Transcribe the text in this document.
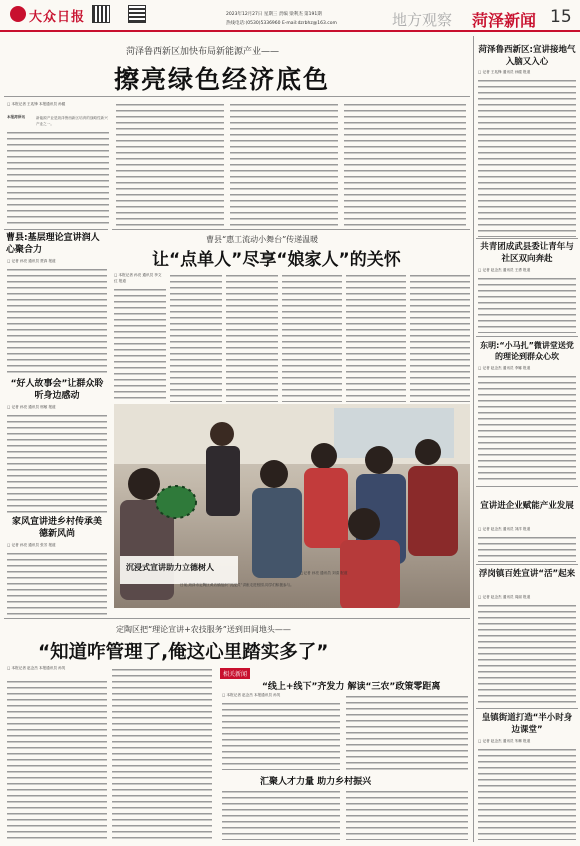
大众日报	2023年12月27日 星期三 责编 梁利杰 第191期
热线电话:(0530)5336960 E-mail:dzrbhz@163.com	地方观察 菏泽新闻 15
菏泽鲁西新区加快布局新能源产业——
擦亮绿色经济底色
□ 本报记者 王兆锋 本报通讯员 孙健
本报菏泽讯	新能源产业是菏泽鲁西新区培育的战略性新兴产业之一。
曹县:基层理论宣讲润人心聚合力
□ 记者 孙亮 通讯员 贾真 报道
“好人故事会”让群众聆听身边感动
□ 记者 孙亮 通讯员 邢敏 报道
家风宣讲进乡村传承美德新风尚
□ 记者 孙亮 通讯员 张芳 报道
曹县“惠工流动小舞台”传递温暖
让“点单人”尽享“娘家人”的关怀
□ 本报记者 孙亮 通讯员 李文红 报道
沉浸式宣讲助力立德树人
□记者 孙亮 通讯员 刘清 报道
日前,菏泽市定陶区黄店镇组织“沉浸式”讲座走进校园,同学们积极参与。
定陶区把“理论宣讲+农技服务”送到田间地头——
“知道咋管理了,俺这心里踏实多了”
□ 本报记者 赵念杰 本报通讯员 孙茂
相关新闻
“线上+线下”齐发力 解读“三农”政策零距离
□ 本报记者 赵念杰 本报通讯员 孙茂
汇聚人才力量 助力乡村振兴
菏泽鲁西新区:宣讲接地气 入脑又入心
□ 记者 王兆锋 通讯员 孙健 报道
共青团成武县委让青年与社区双向奔赴
□ 记者 赵念杰 通讯员 王勇 报道
东明:“小马扎”微讲堂送党的理论到群众心坎
□ 记者 赵念杰 通讯员 李娜 报道
宣讲进企业赋能产业发展
□ 记者 赵念杰 通讯员 刘洋 报道
浮岗镇百姓宣讲“活”起来
□ 记者 赵念杰 通讯员 周丽 报道
皇镇街道打造“半小时身边课堂”
□ 记者 赵念杰 通讯员 朱琳 报道
